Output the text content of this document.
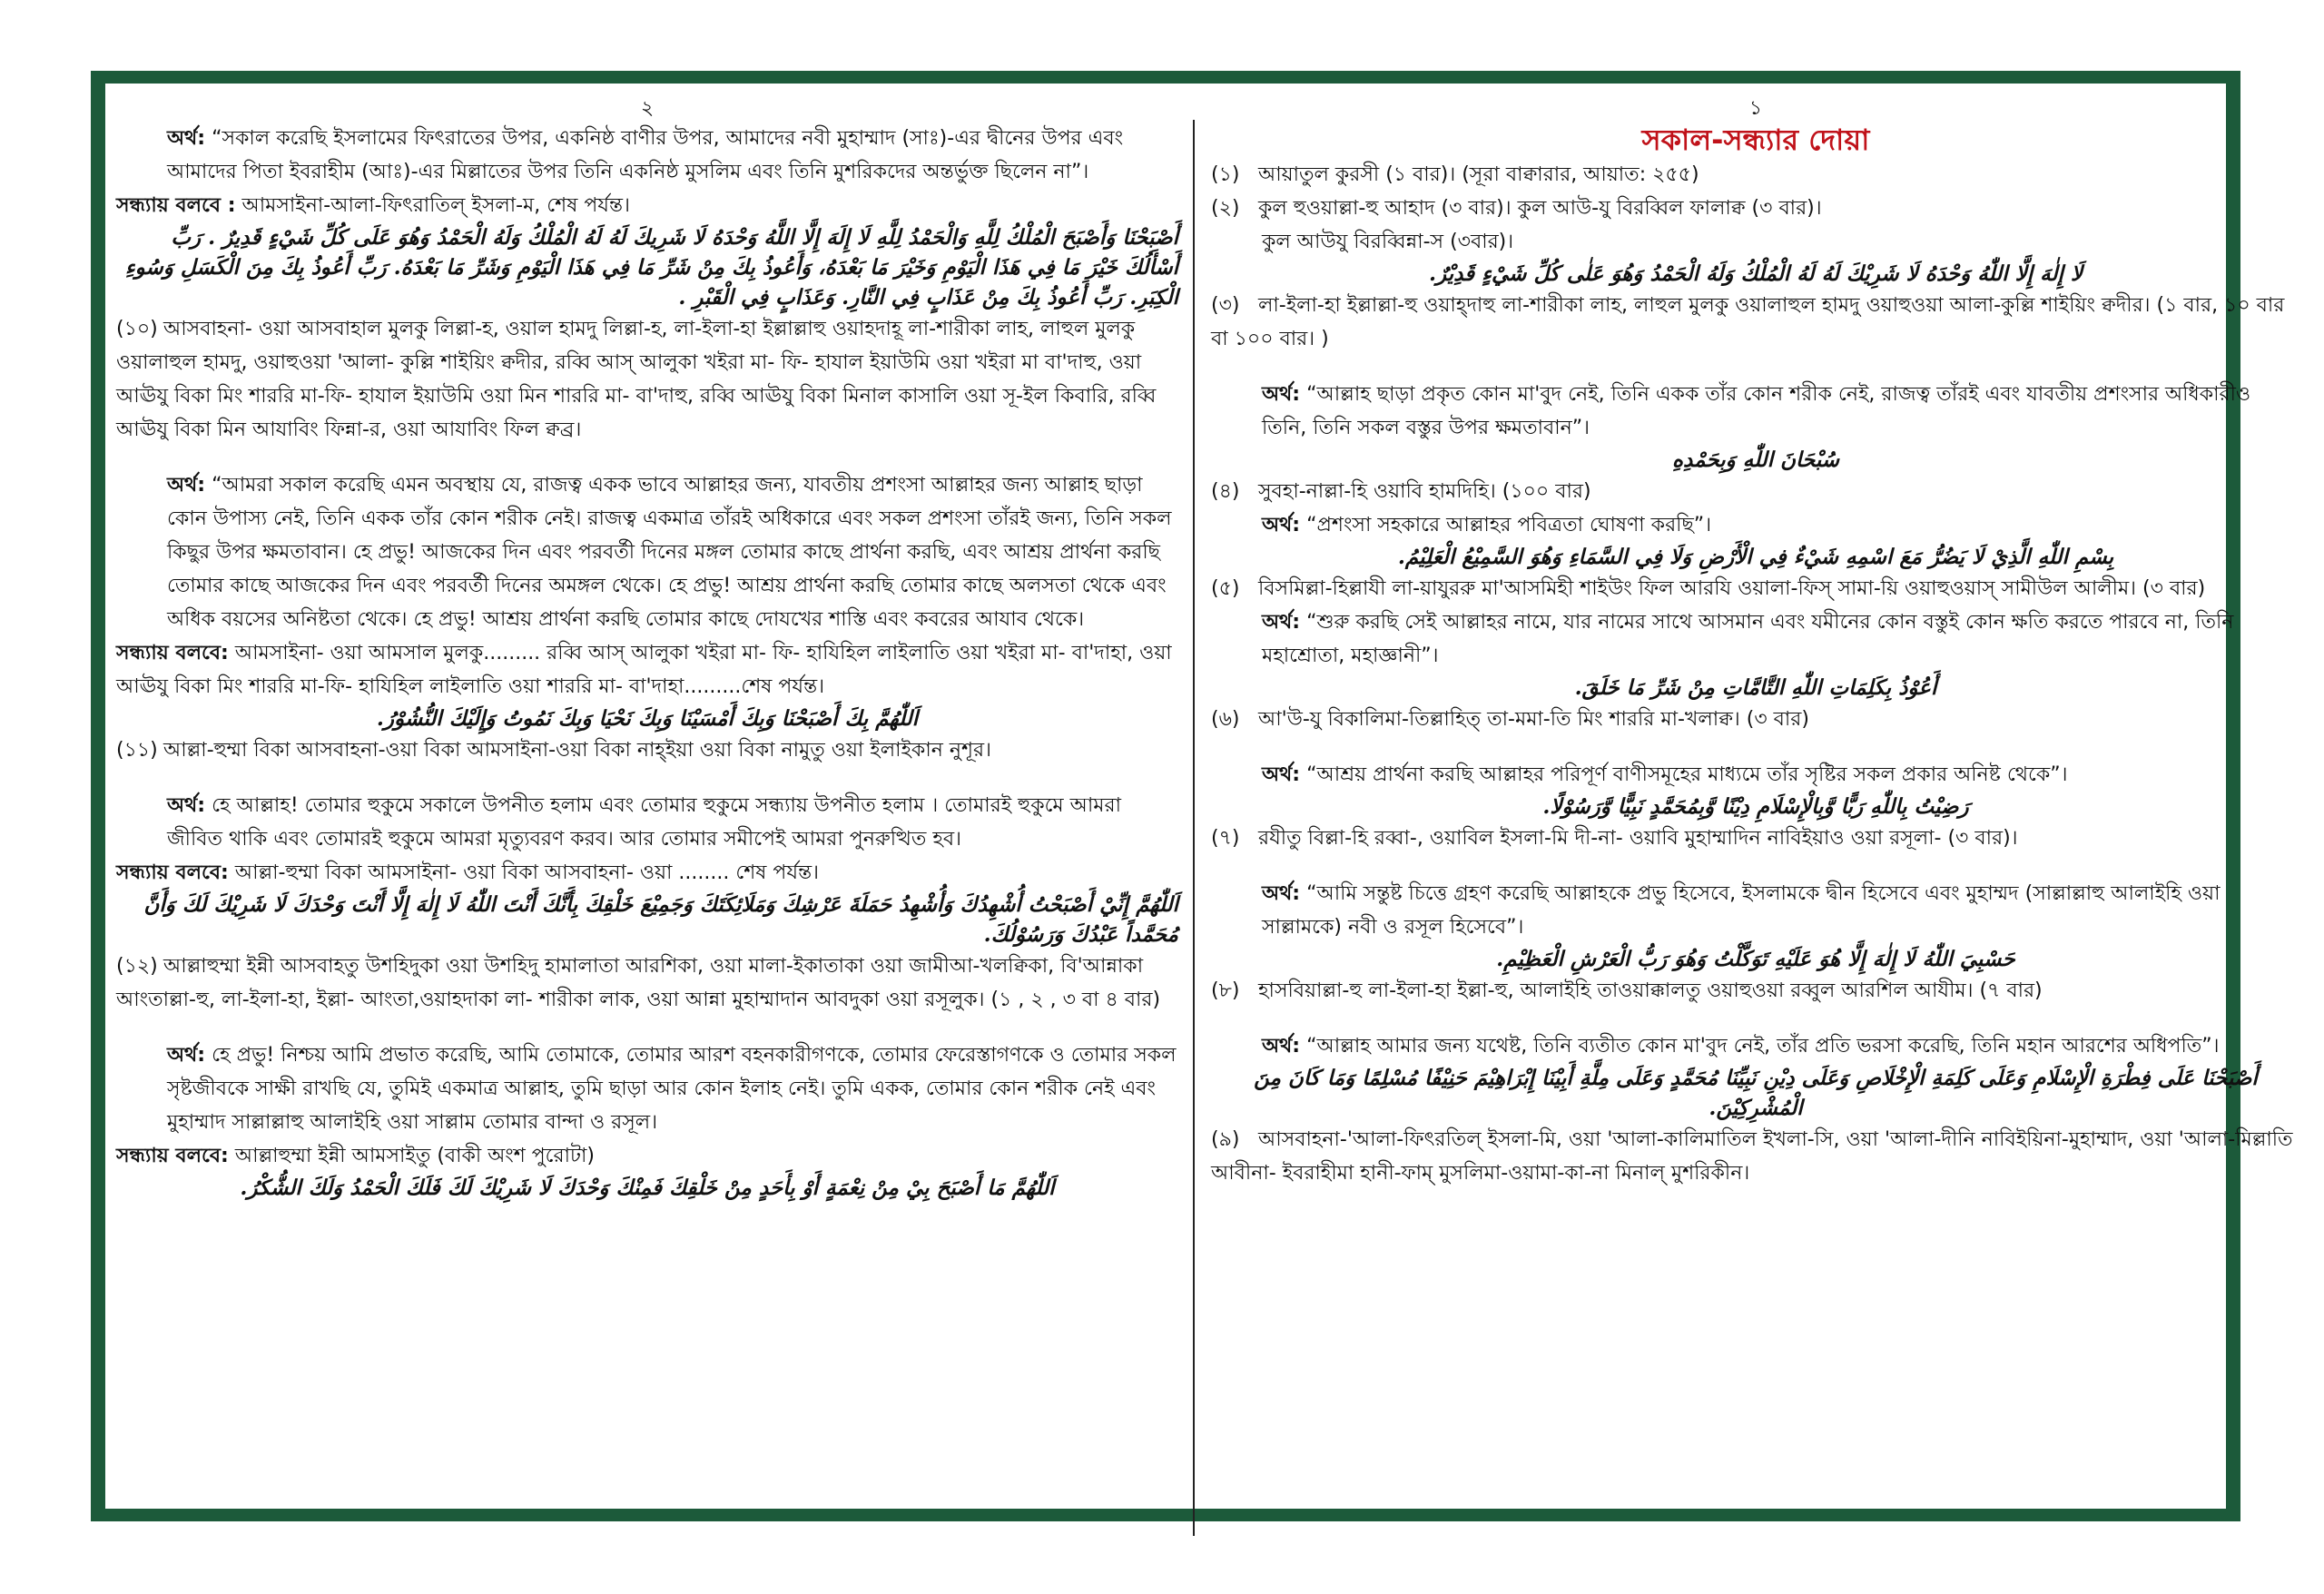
২

অর্থ: “সকাল করেছি ইসলামের ফিৎরাতের উপর, একনিষ্ঠ বাণীর উপর, আমাদের নবী মুহাম্মাদ (সাঃ)-এর দ্বীনের উপর এবং আমাদের পিতা ইবরাহীম (আঃ)-এর মিল্লাতের উপর তিনি একনিষ্ঠ মুসলিম এবং তিনি মুশরিকদের অন্তর্ভুক্ত ছিলেন না”।

সন্ধ্যায় বলবে : আমসাইনা-আলা-ফিৎরাতিল্ ইসলা-ম, শেষ পর্যন্ত।

أَصْبَحْنَا وَأَصْبَحَ الْمُلْكُ لِلَّهِ وَالْحَمْدُ لِلَّهِ لَا إِلَهَ إِلَّا اللَّهُ وَحْدَهُ لَا شَرِيكَ لَهُ لَهُ الْمُلْكُ وَلَهُ الْحَمْدُ وَهُوَ عَلَى كُلِّ شَيْءٍ قَدِيرٌ . رَبِّ أَسْأَلُكَ خَيْرَ مَا فِي هَذَا الْيَوْمِ وَخَيْرَ مَا بَعْدَهُ، وَأَعُوذُ بِكَ مِنْ شَرِّ مَا فِي هَذَا الْيَوْمِ وَشَرِّ مَا بَعْدَهُ. رَبِّ أَعُوذُ بِكَ مِنَ الْكَسَلِ وَسُوءِ الْكِبَرِ. رَبِّ أَعُوذُ بِكَ مِنْ عَذَابٍ فِي النَّارِ. وَعَذَابٍ فِي الْقَبْرِ .

(১০) আসবাহনা- ওয়া আসবাহাল মুলকু লিল্লা-হ, ওয়াল হামদু লিল্লা-হ, লা-ইলা-হা ইল্লাল্লাহু ওয়াহদাহূ লা-শারীকা লাহ, লাহুল মুলকু ওয়ালাহুল হামদু, ওয়াহুওয়া 'আলা- কুল্লি শাইয়িং ক্বদীর, রব্বি আস্ আলুকা খইরা মা- ফি- হাযাল ইয়াউমি ওয়া খইরা মা বা'দাহু, ওয়া আঊযু বিকা মিং শাররি মা-ফি- হাযাল ইয়াউমি ওয়া মিন শাররি মা- বা'দাহু, রব্বি আঊযু বিকা মিনাল কাসালি ওয়া সূ-ইল কিবারি, রব্বি আঊযু বিকা মিন আযাবিং ফিন্না-র, ওয়া আযাবিং ফিল ক্বব্র।

অর্থ: “আমরা সকাল করেছি এমন অবস্থায় যে, রাজত্ব একক ভাবে আল্লাহর জন্য, যাবতীয় প্রশংসা আল্লাহর জন্য আল্লাহ ছাড়া কোন উপাস্য নেই, তিনি একক তাঁর কোন শরীক নেই। রাজত্ব একমাত্র তাঁরই অধিকারে এবং সকল প্রশংসা তাঁরই জন্য, তিনি সকল কিছুর উপর ক্ষমতাবান। হে প্রভু! আজকের দিন এবং পরবর্তী দিনের মঙ্গল তোমার কাছে প্রার্থনা করছি, এবং আশ্রয় প্রার্থনা করছি তোমার কাছে আজকের দিন এবং পরবর্তী দিনের অমঙ্গল থেকে। হে প্রভু! আশ্রয় প্রার্থনা করছি তোমার কাছে অলসতা থেকে এবং অধিক বয়সের অনিষ্টতা থেকে। হে প্রভু! আশ্রয় প্রার্থনা করছি তোমার কাছে দোযখের শাস্তি এবং কবরের আযাব থেকে।

সন্ধ্যায় বলবে: আমসাইনা- ওয়া আমসাল মুলকু......... রব্বি আস্ আলুকা খইরা মা- ফি- হাযিহিল লাইলাতি ওয়া খইরা মা- বা'দাহা, ওয়া আঊযু বিকা মিং শাররি মা-ফি- হাযিহিল লাইলাতি ওয়া শাররি মা- বা'দাহা.........শেষ পর্যন্ত।

اَللّٰهُمَّ بِكَ أَصْبَحْنَا وَبِكَ أَمْسَيْنَا وَبِكَ نَحْيَا وَبِكَ نَمُوتُ وَإِلَيْكَ النُّشُوْرُ.

(১১) আল্লা-হুম্মা বিকা আসবাহনা-ওয়া বিকা আমসাইনা-ওয়া বিকা নাহ্ইয়া ওয়া বিকা নামুতু ওয়া ইলাইকান নুশূর।

অর্থ: হে আল্লাহ! তোমার হুকুমে সকালে উপনীত হলাম এবং তোমার হুকুমে সন্ধ্যায় উপনীত হলাম । তোমারই হুকুমে আমরা জীবিত থাকি এবং তোমারই হুকুমে আমরা মৃত্যুবরণ করব। আর তোমার সমীপেই আমরা পুনরুত্থিত হব।

সন্ধ্যায় বলবে: আল্লা-হুম্মা বিকা আমসাইনা- ওয়া বিকা আসবাহনা- ওয়া ........ শেষ পর্যন্ত।

اَللّٰهُمَّ إِنِّيْ أَصْبَحْتُ أُشْهِدُكَ وَأُشْهِدُ حَمَلَةَ عَرْشِكَ وَمَلَائِكَتَكَ وَجَمِيْعَ خَلْقِكَ بِأَنَّكَ أَنْتَ اللّٰهُ لَا إِلٰهَ إِلَّا أَنْتَ وَحْدَكَ لَا شَرِيْكَ لَكَ وَأَنَّ مُحَمَّداً عَبْدُكَ وَرَسُوْلُكَ.

(১২) আল্লাহুম্মা ইন্নী আসবাহতু উশহিদুকা ওয়া উশহিদু হামালাতা আরশিকা, ওয়া মালা-ইকাতাকা ওয়া জামীআ-খলক্বিকা, বি'আন্নাকা আংতাল্লা-হু, লা-ইলা-হা, ইল্লা- আংতা,ওয়াহদাকা লা- শারীকা লাক, ওয়া আন্না মুহাম্মাদান আবদুকা ওয়া রসূলুক। (১ , ২ , ৩ বা ৪ বার)

অর্থ: হে প্রভু! নিশ্চয় আমি প্রভাত করেছি, আমি তোমাকে, তোমার আরশ বহনকারীগণকে, তোমার ফেরেস্তাগণকে ও তোমার সকল সৃষ্টজীবকে সাক্ষী রাখছি যে, তুমিই একমাত্র আল্লাহ, তুমি ছাড়া আর কোন ইলাহ নেই। তুমি একক, তোমার কোন শরীক নেই এবং মুহাম্মাদ সাল্লাল্লাহু আলাইহি ওয়া সাল্লাম তোমার বান্দা ও রসূল।

সন্ধ্যায় বলবে: আল্লাহুম্মা ইন্নী আমসাইতু (বাকী অংশ পুরোটা)

اَللّٰهُمَّ مَا أَصْبَحَ بِيْ مِنْ نِعْمَةٍ أَوْ بِأَحَدٍ مِنْ خَلْقِكَ فَمِنْكَ وَحْدَكَ لَا شَرِيْكَ لَكَ فَلَكَ الْحَمْدُ وَلَكَ الشُّكْرُ.
১
সকাল-সন্ধ্যার দোয়া

(১) আয়াতুল কুরসী (১ বার)। (সূরা বাক্বারার, আয়াত: ২৫৫)

(২) কুল হুওয়াল্লা-হু আহাদ (৩ বার)। কুল আউ-যু বিরব্বিল ফালাক্ব (৩ বার)।

কুল আউযু বিরব্বিন্না-স (৩বার)।

لَا إِلٰهَ إِلَّا اللّٰهُ وَحْدَهُ لَا شَرِيْكَ لَهُ لَهُ الْمُلْكُ وَلَهُ الْحَمْدُ وَهُوَ عَلٰى كُلِّ شَيْءٍ قَدِيْرٌ.

(৩) লা-ইলা-হা ইল্লাল্লা-হু ওয়াহ্দাহু লা-শারীকা লাহ, লাহুল মুলকু ওয়ালাহুল হামদু ওয়াহুওয়া আলা-কুল্লি শাইয়িং ক্বদীর। (১ বার, ১০ বার বা ১০০ বার। )

অর্থ: “আল্লাহ ছাড়া প্রকৃত কোন মা'বুদ নেই, তিনি একক তাঁর কোন শরীক নেই, রাজত্ব তাঁরই এবং যাবতীয় প্রশংসার অধিকারীও তিনি, তিনি সকল বস্তুর উপর ক্ষমতাবান”।

سُبْحَانَ اللّٰهِ وَبِحَمْدِهِ

(৪) সুবহা-নাল্লা-হি ওয়াবি হামদিহি। (১০০ বার)

অর্থ: “প্রশংসা সহকারে আল্লাহর পবিত্রতা ঘোষণা করছি”।

بِسْمِ اللّٰهِ الَّذِيْ لَا يَضُرُّ مَعَ اسْمِهِ شَيْءٌ فِي الْأَرْضِ وَلَا فِي السَّمَاءِ وَهُوَ السَّمِيْعُ الْعَلِيْمُ.

(৫) বিসমিল্লা-হিল্লাযী লা-য়াযুররু মা'আসমিহী শাইউং ফিল আরযি ওয়ালা-ফিস্ সামা-য়ি ওয়াহুওয়াস্ সামীউল আলীম। (৩ বার)

অর্থ: “শুরু করছি সেই আল্লাহর নামে, যার নামের সাথে আসমান এবং যমীনের কোন বস্তুই কোন ক্ষতি করতে পারবে না, তিনি মহাশ্রোতা, মহাজ্ঞানী”।

أَعُوْذُ بِكَلِمَاتِ اللّٰهِ التَّامَّاتِ مِنْ شَرِّ مَا خَلَقَ.

(৬) আ'উ-যু বিকালিমা-তিল্লাহিত্ তা-মমা-তি মিং শাররি মা-খলাক্ব। (৩ বার)

অর্থ: “আশ্রয় প্রার্থনা করছি আল্লাহর পরিপূর্ণ বাণীসমূহের মাধ্যমে তাঁর সৃষ্টির সকল প্রকার অনিষ্ট থেকে”।

رَضِيْتُ بِاللّٰهِ رَبًّا وَّبِالْإِسْلَامِ دِيْنًا وَّبِمُحَمَّدٍ نَبِيًّا وَّرَسُوْلًا.

(৭) রযীতু বিল্লা-হি রব্বা-, ওয়াবিল ইসলা-মি দী-না- ওয়াবি মুহাম্মাদিন নাবিইয়াও ওয়া রসূলা- (৩ বার)।

অর্থ: “আমি সন্তুষ্ট চিত্তে গ্রহণ করেছি আল্লাহকে প্রভু হিসেবে, ইসলামকে দ্বীন হিসেবে এবং মুহাম্মদ (সাল্লাল্লাহু আলাইহি ওয়া সাল্লামকে) নবী ও রসূল হিসেবে”।

حَسْبِيَ اللّٰهُ لَا إِلٰهَ إِلَّا هُوَ عَلَيْهِ تَوَكَّلْتُ وَهُوَ رَبُّ الْعَرْشِ الْعَظِيْمِ.

(৮) হাসবিয়াল্লা-হু লা-ইলা-হা ইল্লা-হু, আলাইহি তাওয়াক্কালতু ওয়াহুওয়া রব্বুল আরশিল আযীম। (৭ বার)

অর্থ: “আল্লাহ আমার জন্য যথেষ্ট, তিনি ব্যতীত কোন মা'বুদ নেই, তাঁর প্রতি ভরসা করেছি, তিনি মহান আরশের অধিপতি”।

أَصْبَحْنَا عَلَى فِطْرَةِ الْإِسْلَامِ وَعَلَى كَلِمَةِ الْإِخْلَاصِ وَعَلَى دِيْنِ نَبِيِّنَا مُحَمَّدٍ وَعَلَى مِلَّةِ أَبِيْنَا إِبْرَاهِيْمَ حَنِيْفًا مُسْلِمًا وَمَا كَانَ مِنَ الْمُشْرِكِيْنَ.

(৯) আসবাহনা-'আলা-ফিৎরতিল্ ইসলা-মি, ওয়া 'আলা-কালিমাতিল ইখলা-সি, ওয়া 'আলা-দীনি নাবিইয়িনা-মুহাম্মাদ, ওয়া 'আলা-মিল্লাতি আবীনা- ইবরাহীমা হানী-ফাম্ মুসলিমা-ওয়ামা-কা-না মিনাল্ মুশরিকীন।
